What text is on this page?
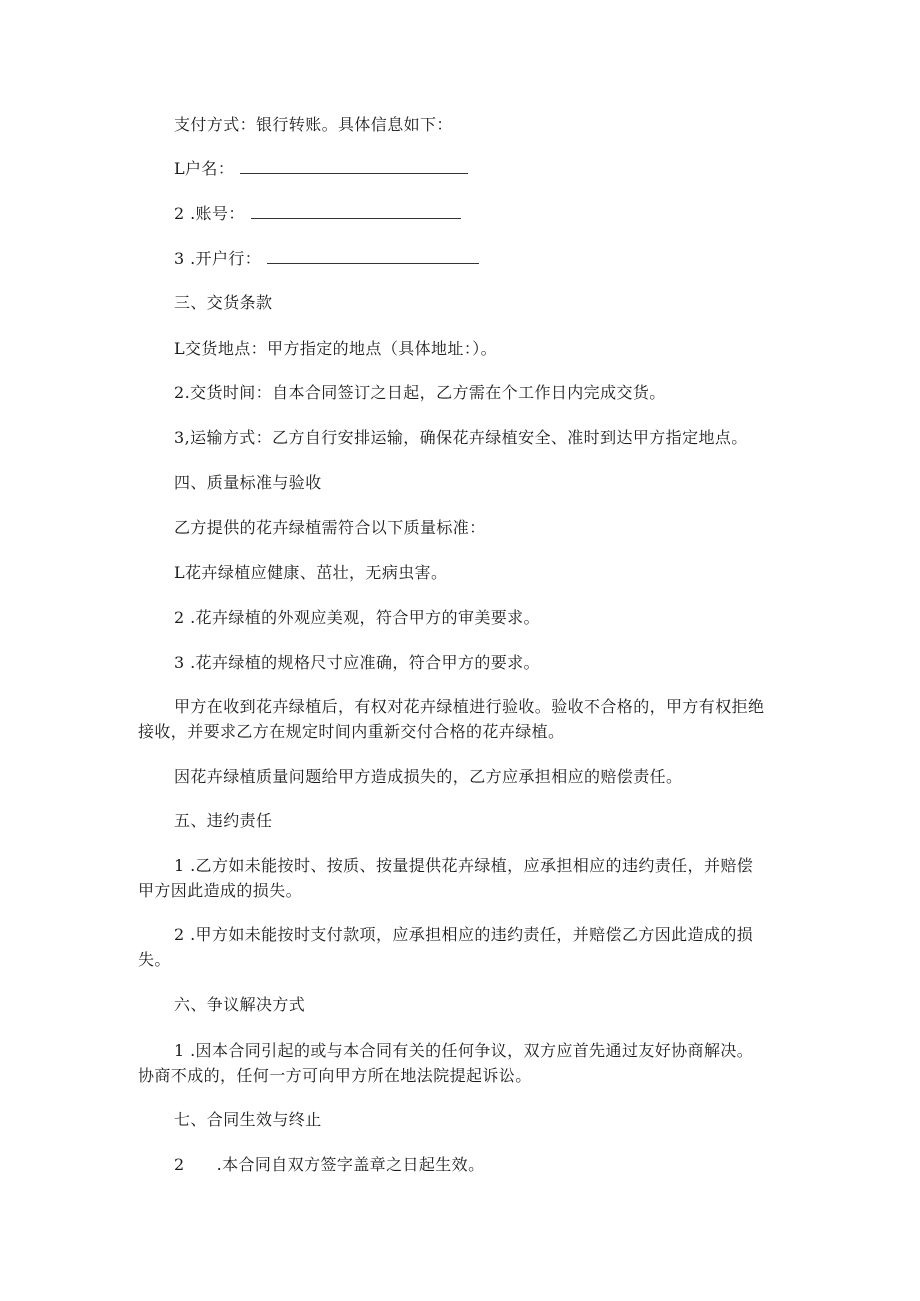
支付方式：银行转账。具体信息如下：
L户名：
2 .账号：
3 .开户行：
三、交货条款
L交货地点：甲方指定的地点（具体地址：）。
2.交货时间：自本合同签订之日起，乙方需在个工作日内完成交货。
3,运输方式：乙方自行安排运输，确保花卉绿植安全、准时到达甲方指定地点。
四、质量标准与验收
乙方提供的花卉绿植需符合以下质量标准：
L花卉绿植应健康、茁壮，无病虫害。
2 .花卉绿植的外观应美观，符合甲方的审美要求。
3 .花卉绿植的规格尺寸应准确，符合甲方的要求。
甲方在收到花卉绿植后，有权对花卉绿植进行验收。验收不合格的，甲方有权拒绝
接收，并要求乙方在规定时间内重新交付合格的花卉绿植。
因花卉绿植质量问题给甲方造成损失的，乙方应承担相应的赔偿责任。
五、违约责任
1 .乙方如未能按时、按质、按量提供花卉绿植，应承担相应的违约责任，并赔偿
甲方因此造成的损失。
2 .甲方如未能按时支付款项，应承担相应的违约责任，并赔偿乙方因此造成的损
失。
六、争议解决方式
1 .因本合同引起的或与本合同有关的任何争议，双方应首先通过友好协商解决。
协商不成的，任何一方可向甲方所在地法院提起诉讼。
七、合同生效与终止
2 .本合同自双方签字盖章之日起生效。
